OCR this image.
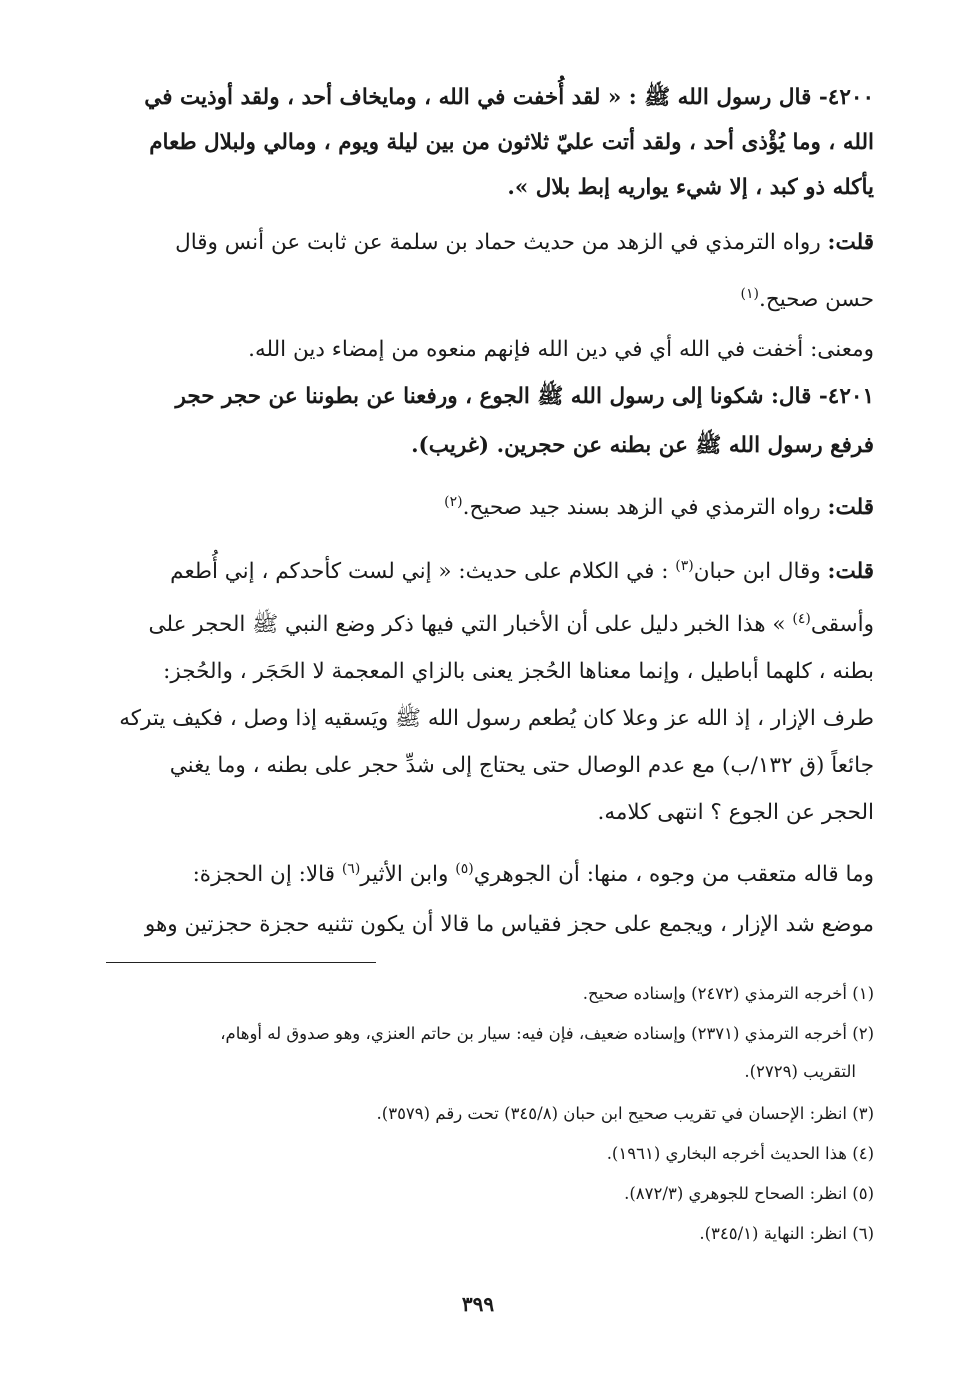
٤٢٠٠- قال رسول الله ﷺ : « لقد أُخفت في الله ، ومايخاف أحد ، ولقد أوذيت في
الله ، وما يُؤْذى أحد ، ولقد أتت عليّ ثلاثون من بين ليلة ويوم ، ومالي ولبلال طعام
يأكله ذو كبد ، إلا شيء يواريه إبط بلال ».
قلت: رواه الترمذي في الزهد من حديث حماد بن سلمة عن ثابت عن أنس وقال
حسن صحيح.$^{(١)}$
ومعنى: أخفت في الله أي في دين الله فإنهم منعوه من إمضاء دين الله.
٤٢٠١- قال: شكونا إلى رسول الله ﷺ الجوع ، ورفعنا عن بطوننا عن حجر حجر
فرفع رسول الله ﷺ عن بطنه عن حجرين. (غريب).
قلت: رواه الترمذي في الزهد بسند جيد صحيح.$^{(٢)}$
قلت: وقال ابن حبان$^{(٣)}$ : في الكلام على حديث: « إني لست كأحدكم ، إني أُطعم
وأسقى$^{(٤)}$ » هذا الخبر دليل على أن الأخبار التي فيها ذكر وضع النبي ﷺ الحجر على
بطنه ، كلهما أباطيل ، وإنما معناها الحُجز يعنى بالزاي المعجمة لا الحَجَر ، والحُجز:
طرف الإزار ، إذ الله عز وعلا كان يُطعم رسول الله ﷺ ويَسقيه إذا وصل ، فكيف يتركه
جائعاً (ق ١٣٢/ب) مع عدم الوصال حتى يحتاج إلى شدِّ حجر على بطنه ، وما يغني
الحجر عن الجوع ؟ انتهى كلامه.
وما قاله متعقب من وجوه ، منها: أن الجوهري$^{(٥)}$ وابن الأثير$^{(٦)}$ قالا: إن الحجزة:
موضع شد الإزار ، ويجمع على حجز فقياس ما قالا أن يكون تثنيه حجزة حجزتين وهو
(١) أخرجه الترمذي (٢٤٧٢) وإسناده صحيح.
(٢) أخرجه الترمذي (٢٣٧١) وإسناده ضعيف، فإن فيه: سيار بن حاتم العنزي، وهو صدوق له أوهام،
التقريب (٢٧٢٩).
(٣) انظر: الإحسان في تقريب صحيح ابن حبان (٣٤٥/٨) تحت رقم (٣٥٧٩).
(٤) هذا الحديث أخرجه البخاري (١٩٦١).
(٥) انظر: الصحاح للجوهري (٨٧٢/٣).
(٦) انظر: النهاية (٣٤٥/١).
٣٩٩
